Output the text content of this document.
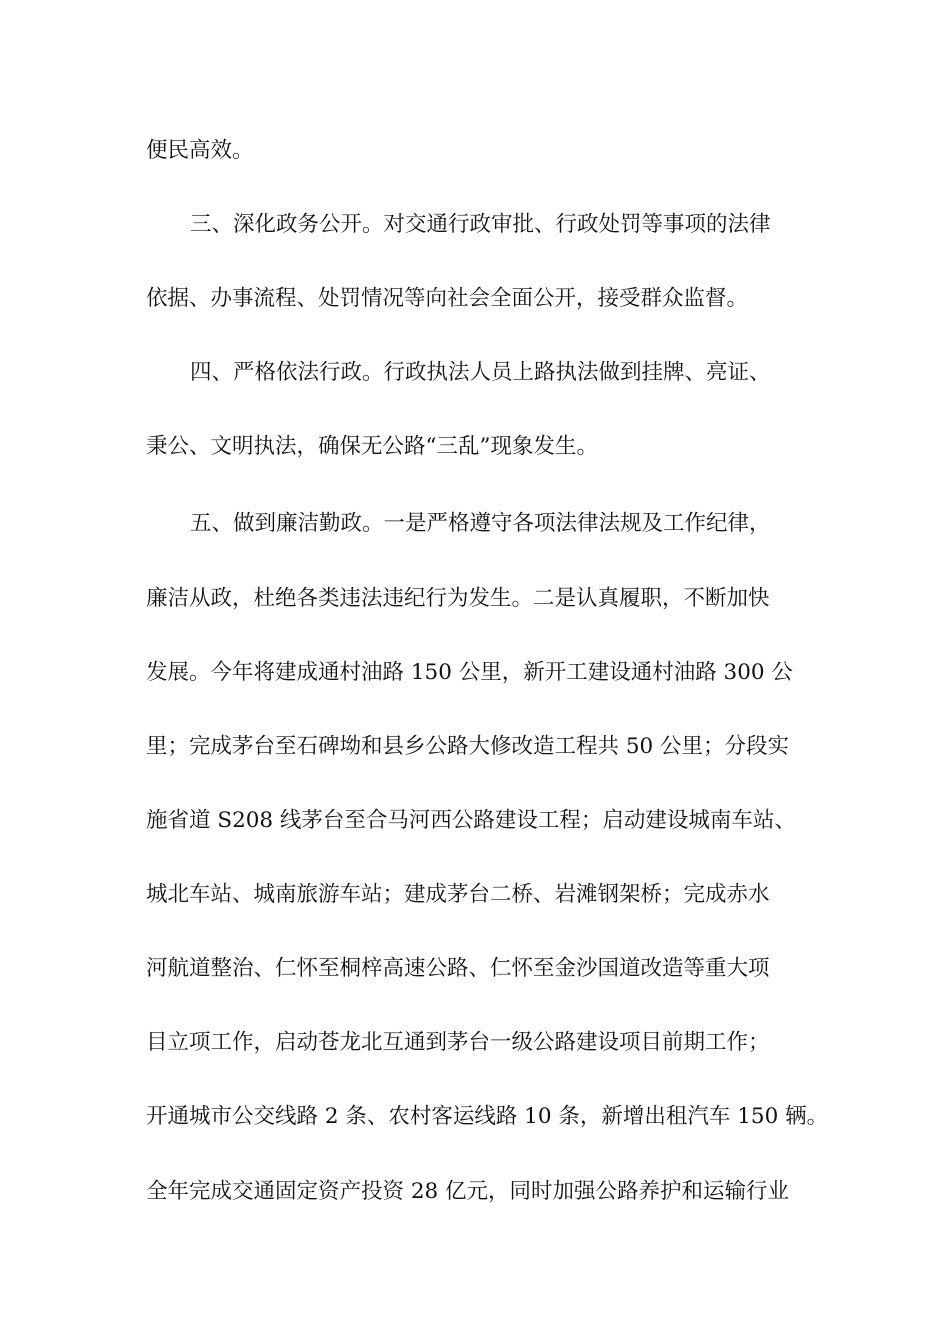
便民高效。
三、深化政务公开。对交通行政审批、行政处罚等事项的法律
依据、办事流程、处罚情况等向社会全面公开，接受群众监督。
四、严格依法行政。行政执法人员上路执法做到挂牌、亮证、
秉公、文明执法，确保无公路“三乱”现象发生。
五、做到廉洁勤政。一是严格遵守各项法律法规及工作纪律，
廉洁从政，杜绝各类违法违纪行为发生。二是认真履职，不断加快
发展。今年将建成通村油路 150 公里，新开工建设通村油路 300 公
里；完成茅台至石碑坳和县乡公路大修改造工程共 50 公里；分段实
施省道 S208 线茅台至合马河西公路建设工程；启动建设城南车站、
城北车站、城南旅游车站；建成茅台二桥、岩滩钢架桥；完成赤水
河航道整治、仁怀至桐梓高速公路、仁怀至金沙国道改造等重大项
目立项工作，启动苍龙北互通到茅台一级公路建设项目前期工作；
开通城市公交线路 2 条、农村客运线路 10 条，新增出租汽车 150 辆。
全年完成交通固定资产投资 28 亿元，同时加强公路养护和运输行业
